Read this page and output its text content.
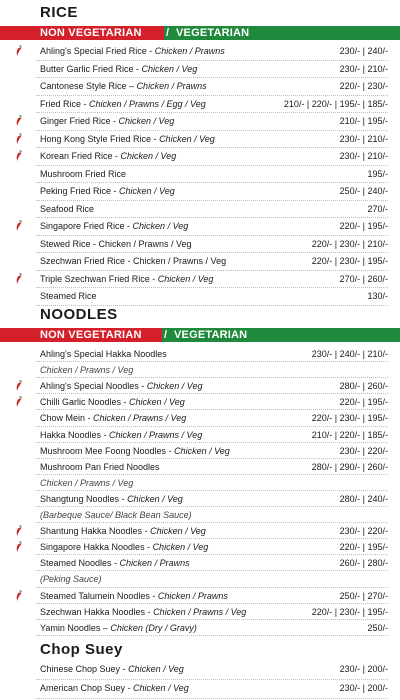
RICE
NON VEGETARIAN / VEGETARIAN
Ahling's Special Fried Rice - Chicken / Prawns	230/- | 240/-
Butter Garlic Fried Rice - Chicken / Veg	230/- | 210/-
Cantonese Style Rice – Chicken / Prawns	220/- | 230/-
Fried Rice - Chicken / Prawns / Egg / Veg	210/- | 220/- | 195/- | 185/-
Ginger Fried Rice - Chicken / Veg	210/- | 195/-
Hong Kong Style Fried Rice - Chicken / Veg	230/- | 210/-
Korean Fried Rice - Chicken / Veg	230/- | 210/-
Mushroom Fried Rice	195/-
Peking Fried Rice - Chicken / Veg	250/- | 240/-
Seafood Rice	270/-
Singapore Fried Rice - Chicken / Veg	220/- | 195/-
Stewed Rice - Chicken / Prawns / Veg	220/- | 230/- | 210/-
Szechwan Fried Rice - Chicken / Prawns / Veg	220/- | 230/- | 195/-
Triple Szechwan Fried Rice - Chicken / Veg	270/- | 260/-
Steamed Rice	130/-
NOODLES
NON VEGETARIAN / VEGETARIAN
Ahling's Special Hakka Noodles	230/- | 240/- | 210/-
Chicken / Prawns / Veg
Ahling's Special Noodles - Chicken / Veg	280/- | 260/-
Chilli Garlic Noodles - Chicken / Veg	220/- | 195/-
Chow Mein - Chicken / Prawns / Veg	220/- | 230/- | 195/-
Hakka Noodles - Chicken / Prawns / Veg	210/- | 220/- | 185/-
Mushroom Mee Foong Noodles - Chicken / Veg	230/- | 220/-
Mushroom Pan Fried Noodles	280/- | 290/- | 260/-
Chicken / Prawns / Veg
Shangtung Noodles - Chicken / Veg	280/- | 240/-
(Barbeque Sauce/ Black Bean Sauce)
Shantung Hakka Noodles - Chicken / Veg	230/- | 220/-
Singapore Hakka Noodles - Chicken / Veg	220/- | 195/-
Steamed Noodles - Chicken / Prawns	260/- | 280/-
(Peking Sauce)
Steamed Talumein Noodles - Chicken / Prawns	250/- | 270/-
Szechwan Hakka Noodles - Chicken / Prawns / Veg	220/- | 230/- | 195/-
Yamin Noodles – Chicken (Dry / Gravy)	250/-
Chop Suey
Chinese Chop Suey - Chicken / Veg	230/- | 200/-
American Chop Suey - Chicken / Veg	230/- | 200/-
